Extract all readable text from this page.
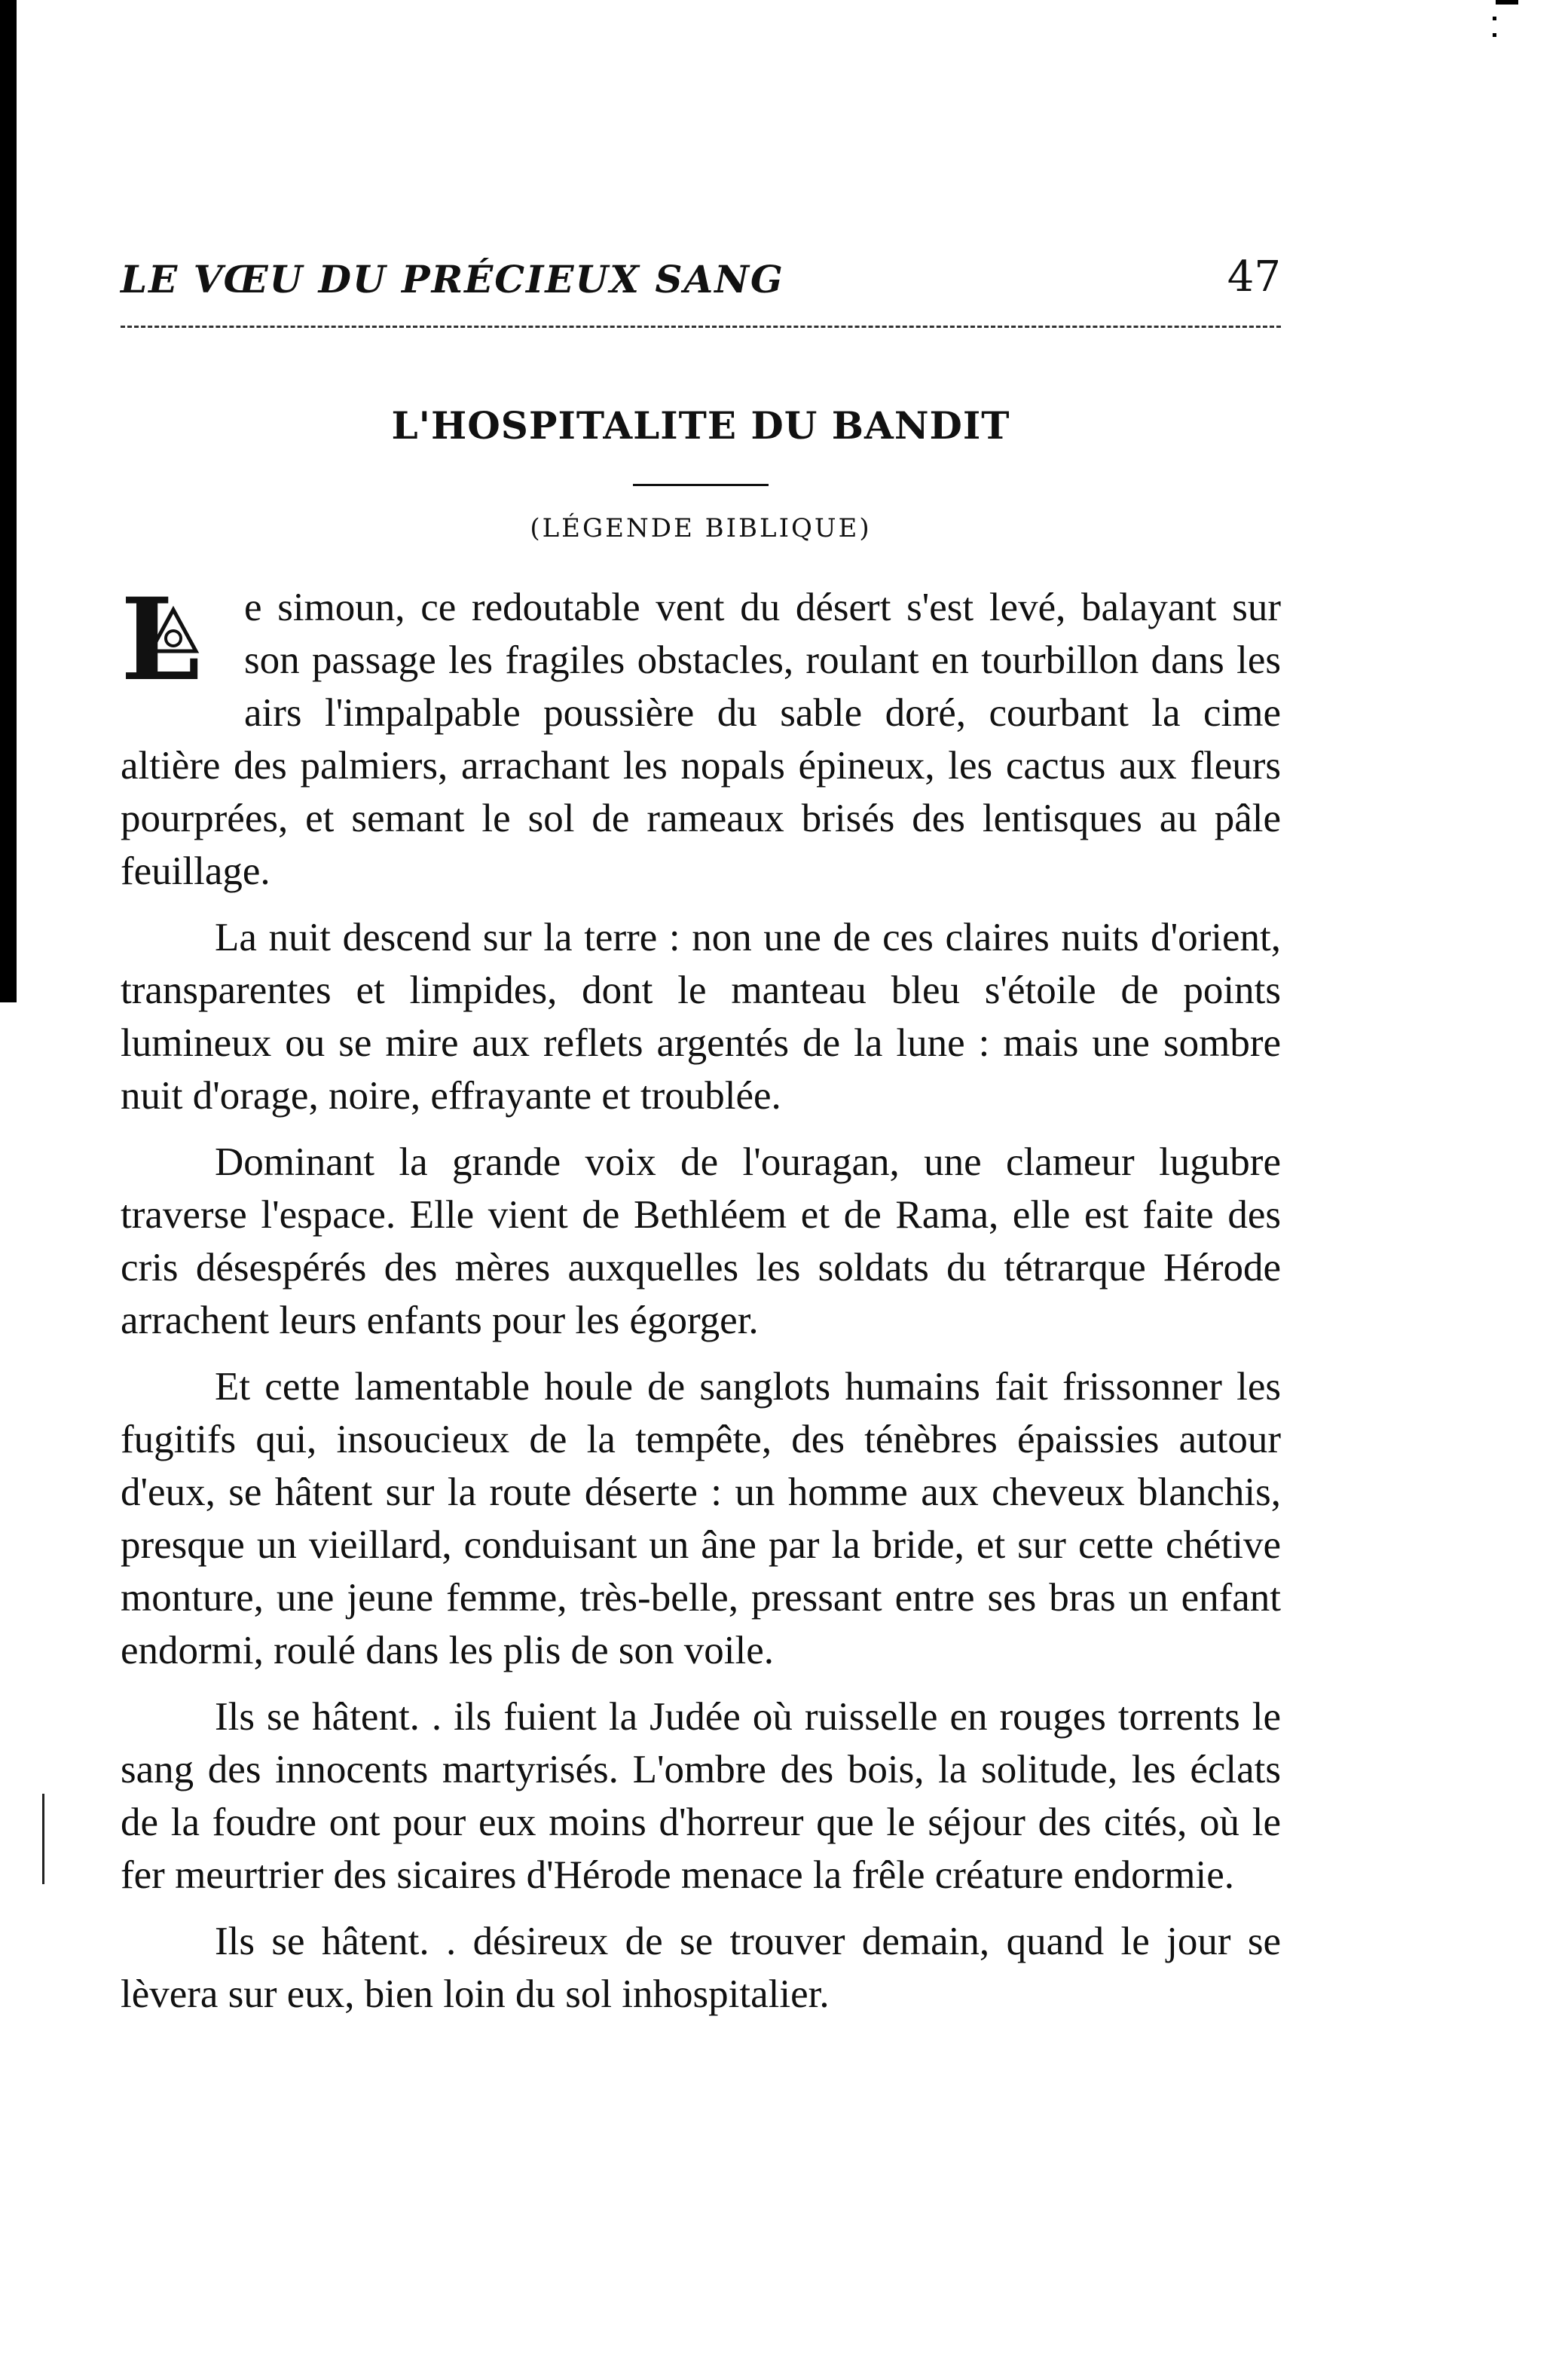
LE VŒU DU PRÉCIEUX SANG	47
L'HOSPITALITE DU BANDIT
(LÉGENDE BIBLIQUE)

L	e simoun, ce redoutable vent du désert s'est levé, balayant sur son passage les fragiles obstacles, roulant en tourbillon dans les airs l'impalpable poussière du sable doré, courbant la cime altière des palmiers, arrachant les nopals épineux, les cactus aux fleurs pourprées, et semant le sol de rameaux brisés des lentisques au pâle feuillage.

La nuit descend sur la terre : non une de ces claires nuits d'orient, transparentes et limpides, dont le manteau bleu s'étoile de points lumineux ou se mire aux reflets argentés de la lune : mais une sombre nuit d'orage, noire, effrayante et troublée.

Dominant la grande voix de l'ouragan, une clameur lugubre traverse l'espace. Elle vient de Bethléem et de Rama, elle est faite des cris désespérés des mères auxquelles les soldats du tétrarque Hérode arrachent leurs enfants pour les égorger.

Et cette lamentable houle de sanglots humains fait frissonner les fugitifs qui, insoucieux de la tempête, des ténèbres épaissies autour d'eux, se hâtent sur la route déserte : un homme aux cheveux blanchis, presque un vieillard, conduisant un âne par la bride, et sur cette chétive monture, une jeune femme, très-belle, pressant entre ses bras un enfant endormi, roulé dans les plis de son voile.

Ils se hâtent. . ils fuient la Judée où ruisselle en rouges torrents le sang des innocents martyrisés. L'ombre des bois, la solitude, les éclats de la foudre ont pour eux moins d'horreur que le séjour des cités, où le fer meurtrier des sicaires d'Hérode menace la frêle créature endormie.

Ils se hâtent. . désireux de se trouver demain, quand le jour se lèvera sur eux, bien loin du sol inhospitalier.
